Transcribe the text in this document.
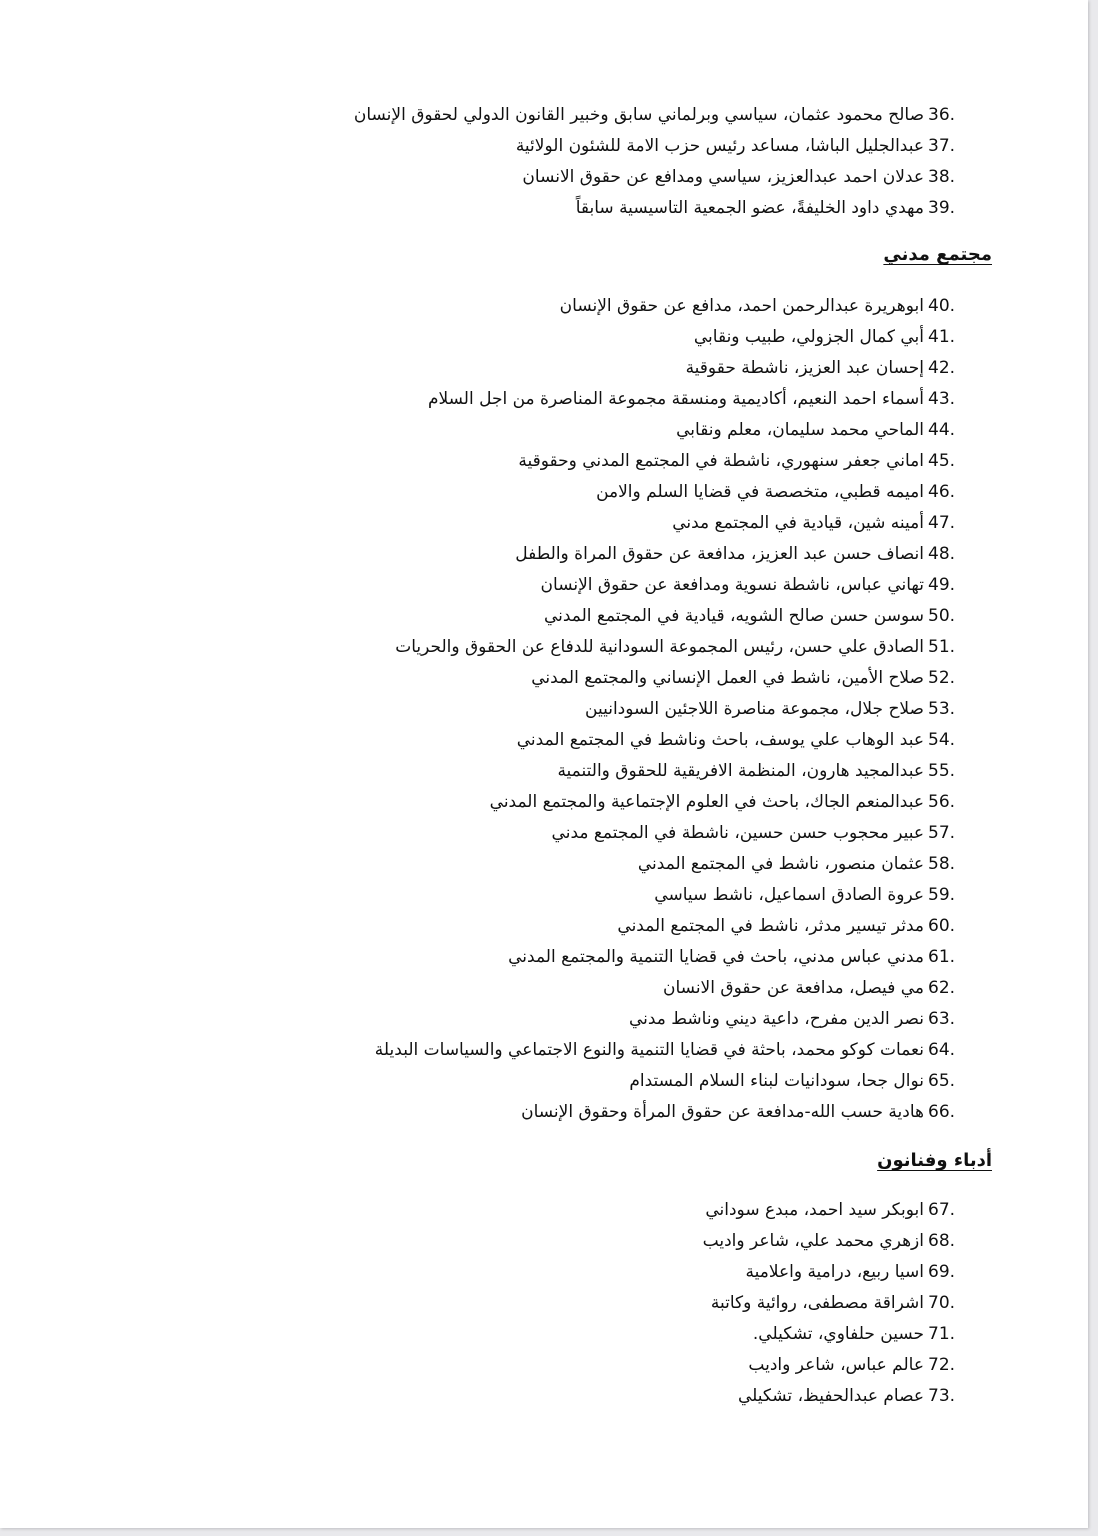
36.
صالح محمود عثمان، سياسي وبرلماني سابق وخبير القانون الدولي لحقوق الإنسان
37.
عبدالجليل الباشا، مساعد رئيس حزب الامة للشئون الولائية
38.
عدلان احمد عبدالعزيز، سياسي ومدافع عن حقوق الانسان
39.
مهدي داود الخليفةً، عضو الجمعية التاسيسية سابقاً
مجتمع مدني
40.
ابوهريرة عبدالرحمن احمد، مدافع عن حقوق الإنسان
41.
أبي كمال الجزولي، طبيب ونقابي
42.
إحسان عبد العزيز، ناشطة حقوقية
43.
أسماء احمد النعيم، أكاديمية ومنسقة مجموعة المناصرة من اجل السلام
44.
الماحي محمد سليمان، معلم ونقابي
45.
اماني جعفر سنهوري، ناشطة في المجتمع المدني وحقوقية
46.
اميمه قطبي، متخصصة في قضايا السلم والامن
47.
أمينه شين، قيادية في المجتمع مدني
48.
انصاف حسن عبد العزيز، مدافعة عن حقوق المراة والطفل
49.
تهاني عباس، ناشطة نسوية ومدافعة عن حقوق الإنسان
50.
سوسن حسن صالح الشويه، قيادية في المجتمع المدني
51.
الصادق علي حسن، رئيس المجموعة السودانية للدفاع عن الحقوق والحريات
52.
صلاح الأمين، ناشط في العمل الإنساني والمجتمع المدني
53.
صلاح جلال، مجموعة مناصرة اللاجئين السودانيين
54.
عبد الوهاب علي يوسف، باحث وناشط في المجتمع المدني
55.
عبدالمجيد هارون، المنظمة الافريقية للحقوق والتنمية
56.
عبدالمنعم الجاك، باحث في العلوم الإجتماعية والمجتمع المدني
57.
عبير محجوب حسن حسين، ناشطة في المجتمع مدني
58.
عثمان منصور، ناشط في المجتمع المدني
59.
عروة الصادق اسماعيل، ناشط سياسي
60.
مدثر تيسير مدثر، ناشط في المجتمع المدني
61.
مدني عباس مدني، باحث في قضايا التنمية والمجتمع المدني
62.
مي فيصل، مدافعة عن حقوق الانسان
63.
نصر الدين مفرح، داعية ديني وناشط مدني
64.
نعمات كوكو محمد، باحثة في قضايا التنمية والنوع الاجتماعي والسياسات البديلة
65.
نوال جحا، سودانيات لبناء السلام المستدام
66.
هادية حسب الله-مدافعة عن حقوق المرأة وحقوق الإنسان
أدباء وفنانون
67.
ابوبكر سيد احمد، مبدع سوداني
68.
ازهري محمد علي، شاعر واديب
69.
اسيا ربيع، درامية واعلامية
70.
اشراقة مصطفى، روائية وكاتبة
71.
حسين حلفاوي، تشكيلي.
72.
عالم عباس، شاعر واديب
73.
عصام عبدالحفيظ، تشكيلي
